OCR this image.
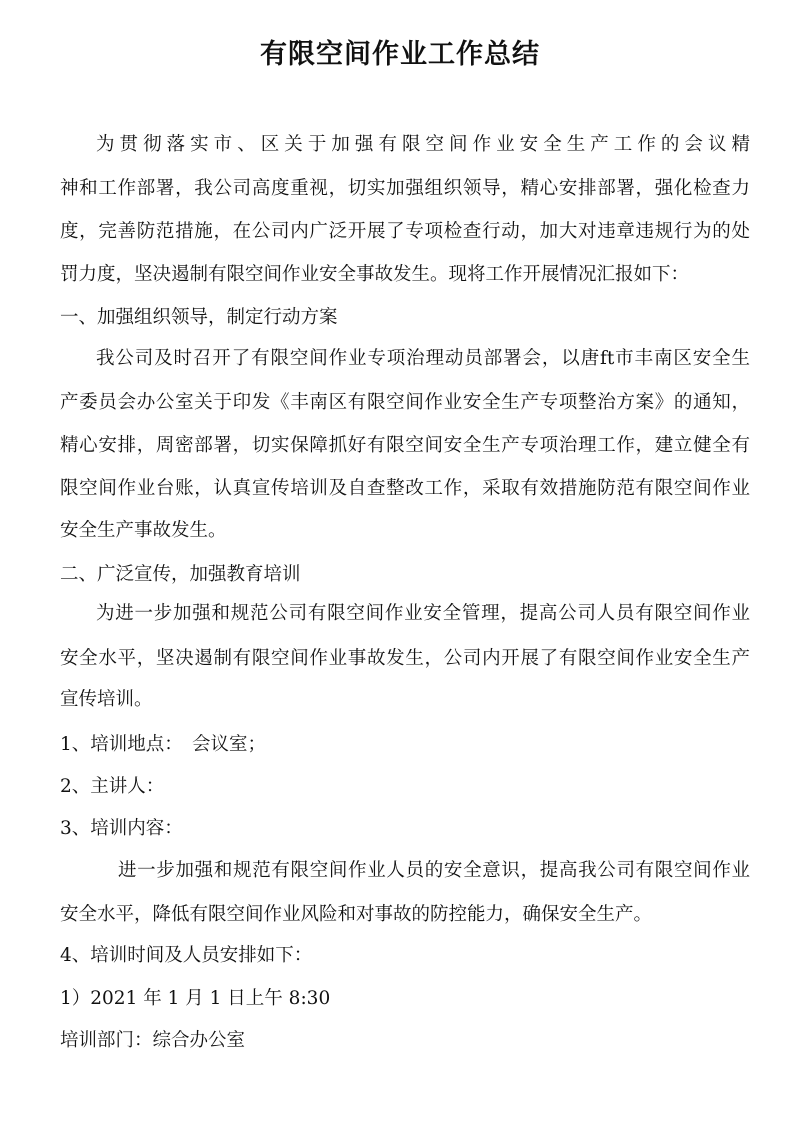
有限空间作业工作总结
为贯彻落实市、区关于加强有限空间作业安全生产工作的会议精
神和工作部署，我公司高度重视，切实加强组织领导，精心安排部署，强化检查力
度，完善防范措施，在公司内广泛开展了专项检查行动，加大对违章违规行为的处
罚力度，坚决遏制有限空间作业安全事故发生。现将工作开展情况汇报如下：
一、加强组织领导，制定行动方案
我公司及时召开了有限空间作业专项治理动员部署会，以唐ft市丰南区安全生
产委员会办公室关于印发《丰南区有限空间作业安全生产专项整治方案》的通知，
精心安排，周密部署，切实保障抓好有限空间安全生产专项治理工作，建立健全有
限空间作业台账，认真宣传培训及自查整改工作，采取有效措施防范有限空间作业
安全生产事故发生。
二、广泛宣传，加强教育培训
为进一步加强和规范公司有限空间作业安全管理，提高公司人员有限空间作业
安全水平，坚决遏制有限空间作业事故发生，公司内开展了有限空间作业安全生产
宣传培训。
1、培训地点：　会议室；
2、主讲人：
3、培训内容：
进一步加强和规范有限空间作业人员的安全意识，提高我公司有限空间作业
安全水平，降低有限空间作业风险和对事故的防控能力，确保安全生产。
4、培训时间及人员安排如下：
1）2021 年 1 月 1 日上午 8:30
培训部门：综合办公室
